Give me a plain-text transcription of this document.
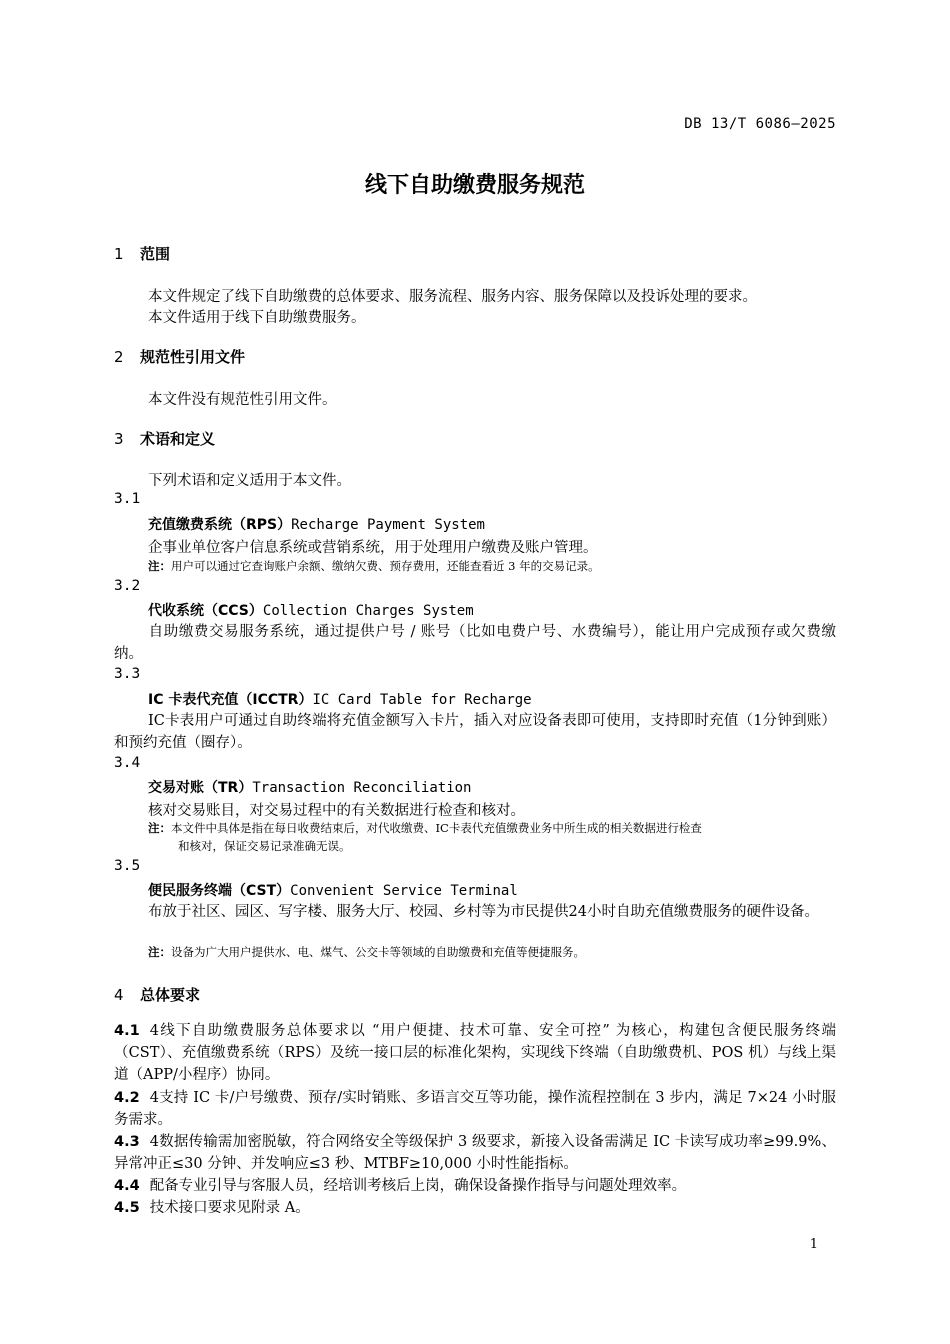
DB 13/T 6086—2025
线下自助缴费服务规范
1 范围
本文件规定了线下自助缴费的总体要求、服务流程、服务内容、服务保障以及投诉处理的要求。
本文件适用于线下自助缴费服务。
2 规范性引用文件
本文件没有规范性引用文件。
3 术语和定义
下列术语和定义适用于本文件。
3.1
充值缴费系统（RPS）Recharge Payment System
企事业单位客户信息系统或营销系统，用于处理用户缴费及账户管理。
注：用户可以通过它查询账户余额、缴纳欠费、预存费用，还能查看近 3 年的交易记录。
3.2
代收系统（CCS）Collection Charges System
自助缴费交易服务系统，通过提供户号 / 账号（比如电费户号、水费编号），能让用户完成预存或欠费缴纳。
3.3
IC 卡表代充值（ICCTR）IC Card Table for Recharge
IC卡表用户可通过自助终端将充值金额写入卡片，插入对应设备表即可使用，支持即时充值（1分钟到账）和预约充值（圈存）。
3.4
交易对账（TR）Transaction Reconciliation
核对交易账目，对交易过程中的有关数据进行检查和核对。
注：本文件中具体是指在每日收费结束后，对代收缴费、IC卡表代充值缴费业务中所生成的相关数据进行检查
和核对，保证交易记录准确无误。
3.5
便民服务终端（CST）Convenient Service Terminal
布放于社区、园区、写字楼、服务大厅、校园、乡村等为市民提供24小时自助充值缴费服务的硬件设备。
注：设备为广大用户提供水、电、煤气、公交卡等领域的自助缴费和充值等便捷服务。
4 总体要求
4.1 4线下自助缴费服务总体要求以 “用户便捷、技术可靠、安全可控” 为核心，构建包含便民服务终端（CST）、充值缴费系统（RPS）及统一接口层的标准化架构，实现线下终端（自助缴费机、POS 机）与线上渠道（APP/小程序）协同。
4.2 4支持 IC 卡/户号缴费、预存/实时销账、多语言交互等功能，操作流程控制在 3 步内，满足 7×24 小时服务需求。
4.3 4数据传输需加密脱敏，符合网络安全等级保护 3 级要求，新接入设备需满足 IC 卡读写成功率≥99.9%、异常冲正≤30 分钟、并发响应≤3 秒、MTBF≥10,000 小时性能指标。
4.4 配备专业引导与客服人员，经培训考核后上岗，确保设备操作指导与问题处理效率。
4.5 技术接口要求见附录 A。
1
